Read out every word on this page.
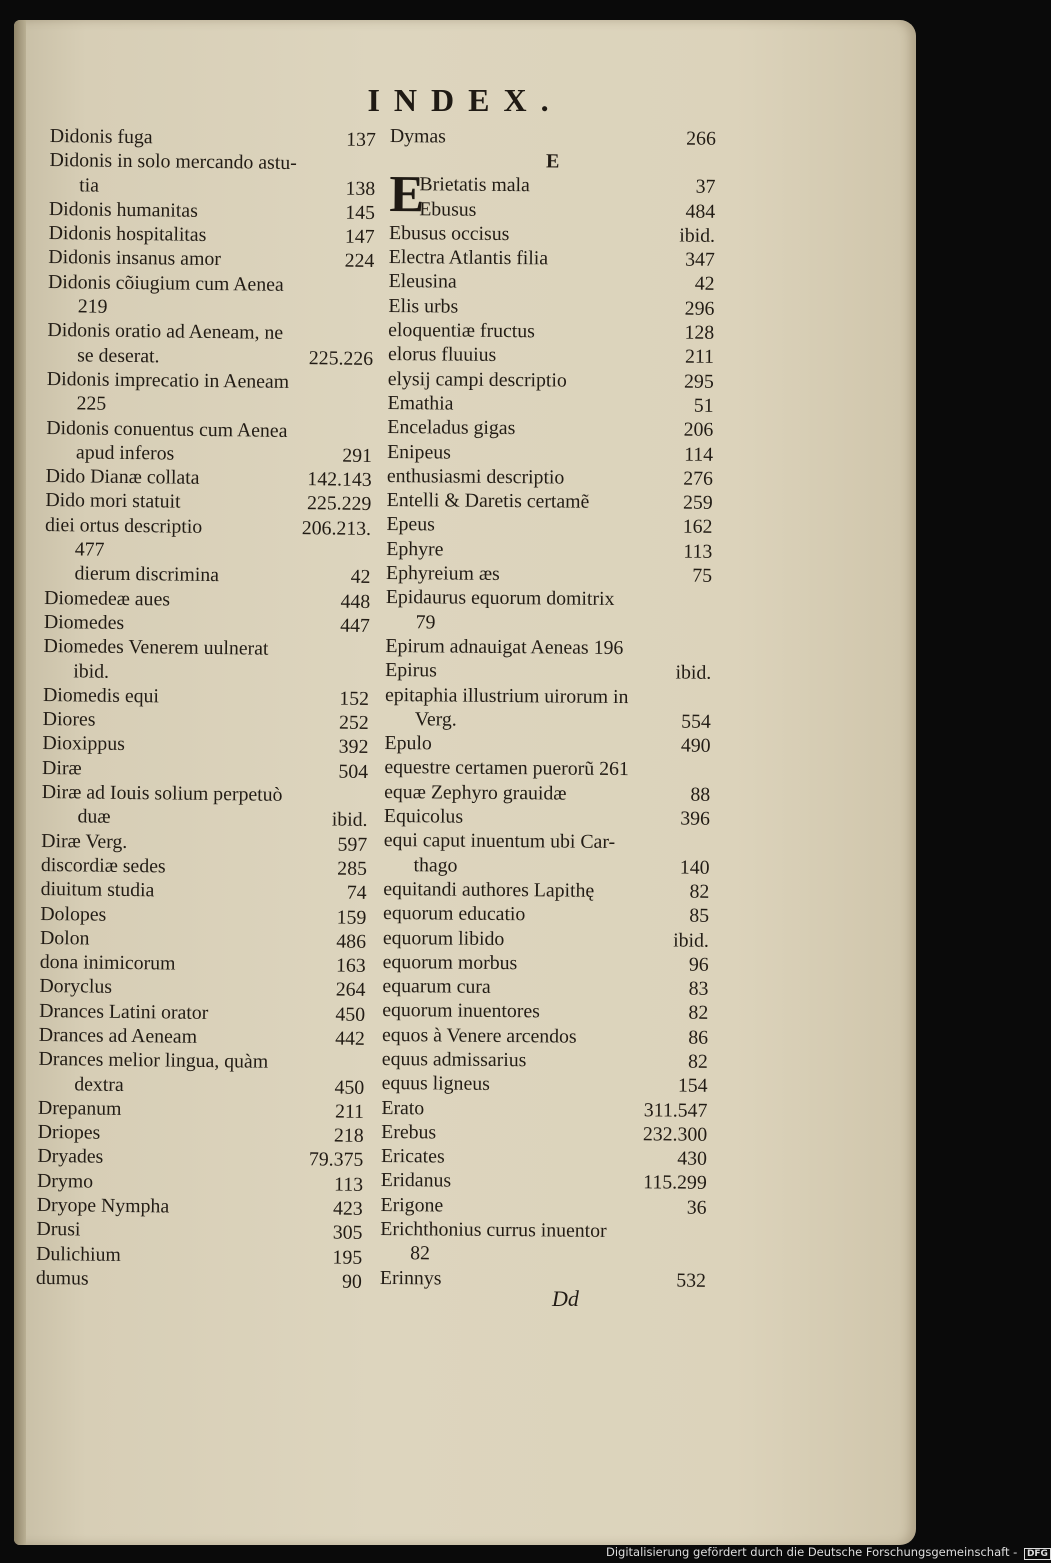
INDEX.
Didonis fuga	137
Didonis in solo mercando astu-
tia	138
Didonis humanitas	145
Didonis hospitalitas	147
Didonis insanus amor	224
Didonis cõiugium cum Aenea
219
Didonis oratio ad Aeneam, ne
se deserat.	225.226
Didonis imprecatio in Aeneam
225
Didonis conuentus cum Aenea
apud inferos	291
Dido Dianæ collata	142.143
Dido mori statuit	225.229
diei ortus descriptio	206.213.
477
dierum discrimina	42
Diomedeæ aues	448
Diomedes	447
Diomedes Venerem uulnerat
ibid.
Diomedis equi	152
Diores	252
Dioxippus	392
Diræ	504
Diræ ad Iouis solium perpetuò
duæ	ibid.
Diræ Verg.	597
discordiæ sedes	285
diuitum studia	74
Dolopes	159
Dolon	486
dona inimicorum	163
Doryclus	264
Drances Latini orator	450
Drances ad Aeneam	442
Drances melior lingua, quàm
dextra	450
Drepanum	211
Driopes	218
Dryades	79.375
Drymo	113
Dryope Nympha	423
Drusi	305
Dulichium	195
dumus	90
Dymas	266
E
E
Brietatis mala	37
Ebusus	484
Ebusus occisus	ibid.
Electra Atlantis filia	347
Eleusina	42
Elis urbs	296
eloquentiæ fructus	128
elorus fluuius	211
elysij campi descriptio	295
Emathia	51
Enceladus gigas	206
Enipeus	114
enthusiasmi descriptio	276
Entelli & Daretis certamẽ	259
Epeus	162
Ephyre	113
Ephyreium æs	75
Epidaurus equorum domitrix
79
Epirum adnauigat Aeneas 196
Epirus	ibid.
epitaphia illustrium uirorum in
Verg.	554
Epulo	490
equestre certamen puerorũ 261
equæ Zephyro grauidæ	88
Equicolus	396
equi caput inuentum ubi Car-
thago	140
equitandi authores Lapithę	82
equorum educatio	85
equorum libido	ibid.
equorum morbus	96
equarum cura	83
equorum inuentores	82
equos à Venere arcendos	86
equus admissarius	82
equus ligneus	154
Erato	311.547
Erebus	232.300
Ericates	430
Eridanus	115.299
Erigone	36
Erichthonius currus inuentor
82
Erinnys	532
Dd
Digitalisierung gefördert durch die Deutsche Forschungsgemeinschaft - DFG
